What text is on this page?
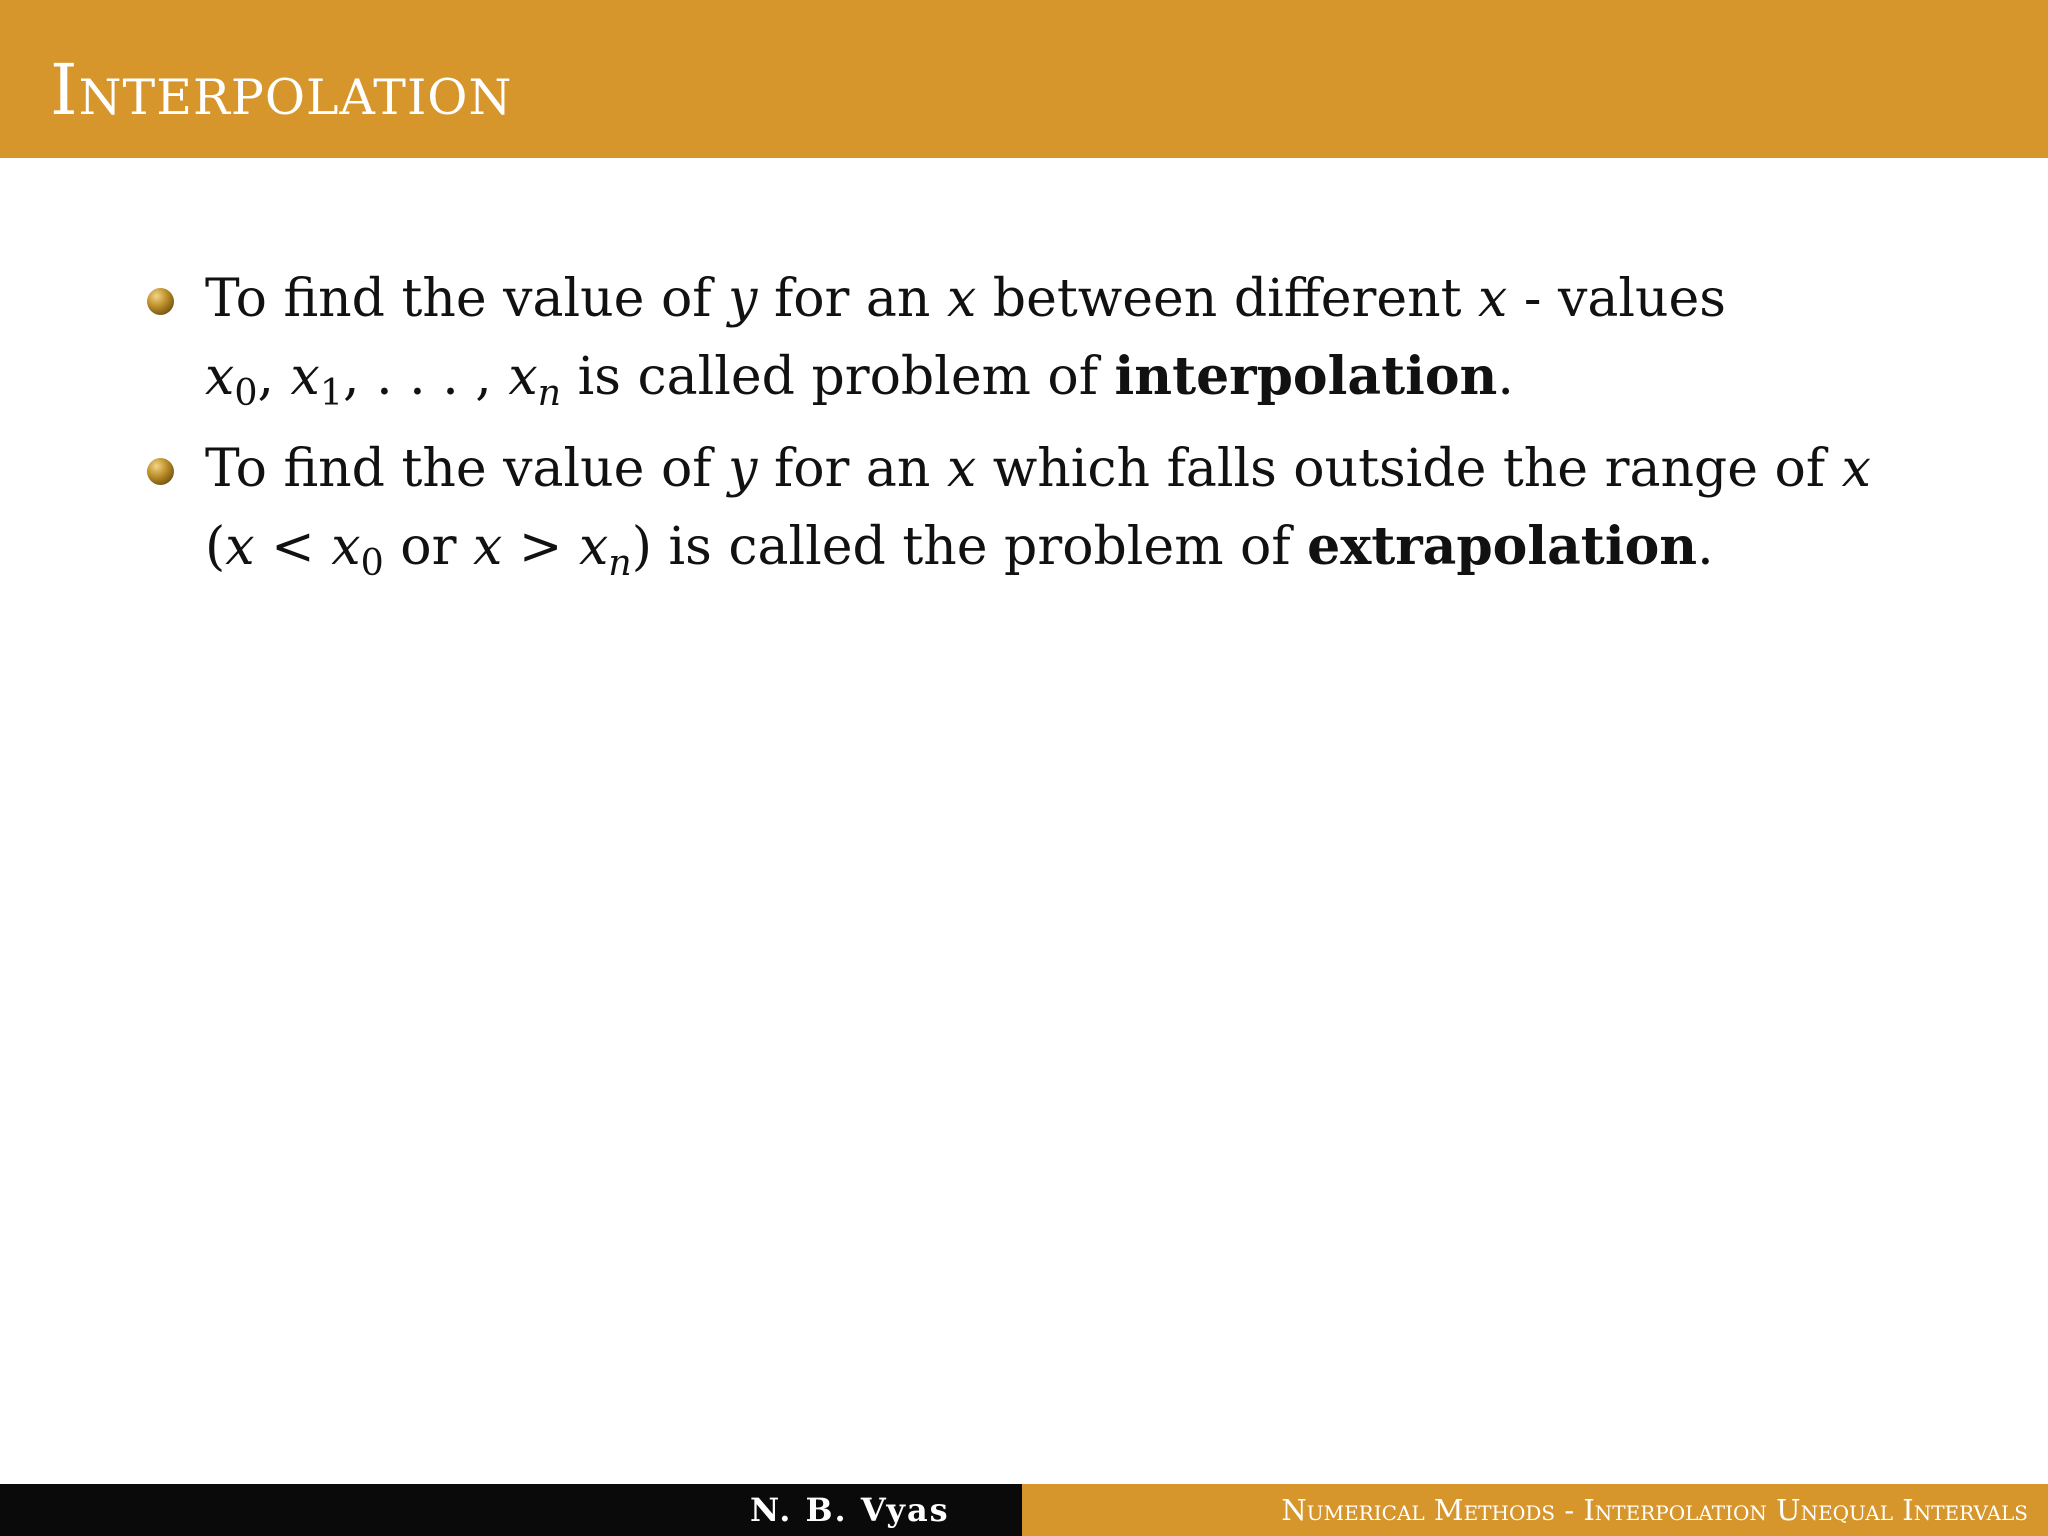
Interpolation
To find the value of y for an x between different x - values
$x_0$, $x_1$, . . . , $x_n$ is called problem of interpolation.
To find the value of y for an x which falls outside the range of x
($x < x_0$ or $x > x_n$) is called the problem of extrapolation.
N. B. Vyas	Numerical Methods - Interpolation Unequal Intervals
